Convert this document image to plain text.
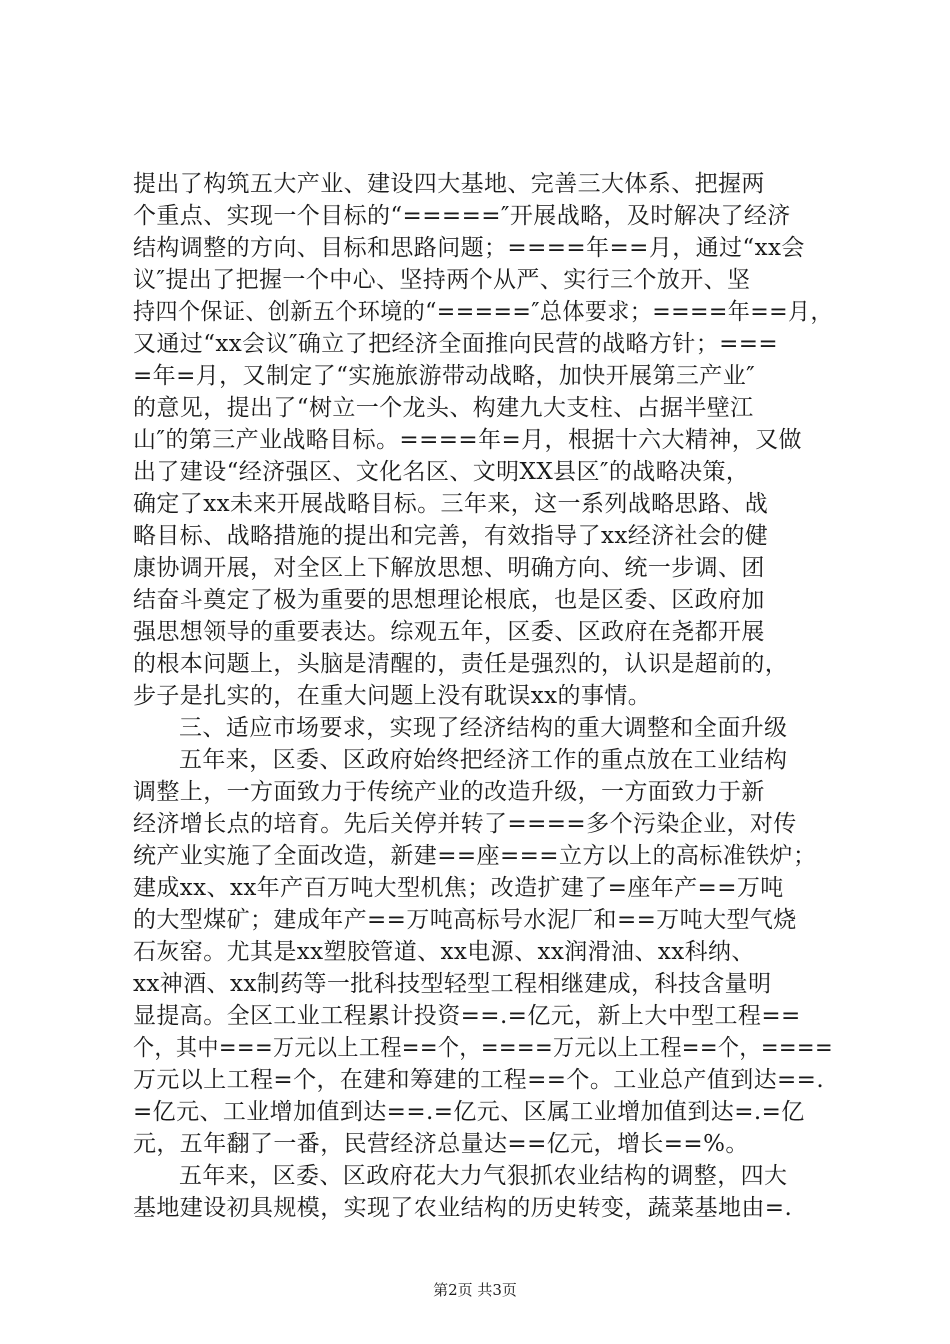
提出了构筑五大产业、建设四大基地、完善三大体系、把握两
个重点、实现一个目标的“=====″开展战略，及时解决了经济
结构调整的方向、目标和思路问题；====年==月，通过“xx会
议″提出了把握一个中心、坚持两个从严、实行三个放开、坚
持四个保证、创新五个环境的“=====″总体要求；====年==月，
又通过“xx会议″确立了把经济全面推向民营的战略方针；===
=年=月，又制定了“实施旅游带动战略，加快开展第三产业″
的意见，提出了“树立一个龙头、构建九大支柱、占据半壁江
山″的第三产业战略目标。====年=月，根据十六大精神，又做
出了建设“经济强区、文化名区、文明XX县区″的战略决策，
确定了xx未来开展战略目标。三年来，这一系列战略思路、战
略目标、战略措施的提出和完善，有效指导了xx经济社会的健
康协调开展，对全区上下解放思想、明确方向、统一步调、团
结奋斗奠定了极为重要的思想理论根底，也是区委、区政府加
强思想领导的重要表达。综观五年，区委、区政府在尧都开展
的根本问题上，头脑是清醒的，责任是强烈的，认识是超前的，
步子是扎实的，在重大问题上没有耽误xx的事情。
三、适应市场要求，实现了经济结构的重大调整和全面升级
五年来，区委、区政府始终把经济工作的重点放在工业结构
调整上，一方面致力于传统产业的改造升级，一方面致力于新
经济增长点的培育。先后关停并转了====多个污染企业，对传
统产业实施了全面改造，新建==座===立方以上的高标准铁炉；
建成xx、xx年产百万吨大型机焦；改造扩建了=座年产==万吨
的大型煤矿；建成年产==万吨高标号水泥厂和==万吨大型气烧
石灰窑。尤其是xx塑胶管道、xx电源、xx润滑油、xx科纳、
xx神酒、xx制药等一批科技型轻型工程相继建成，科技含量明
显提高。全区工业工程累计投资==.=亿元，新上大中型工程==
个，其中===万元以上工程==个，====万元以上工程==个，====
万元以上工程=个，在建和筹建的工程==个。工业总产值到达==.
=亿元、工业增加值到达==.=亿元、区属工业增加值到达=.=亿
元，五年翻了一番，民营经济总量达==亿元，增长==%。
五年来，区委、区政府花大力气狠抓农业结构的调整，四大
基地建设初具规模，实现了农业结构的历史转变，蔬菜基地由=.
第2页 共3页
